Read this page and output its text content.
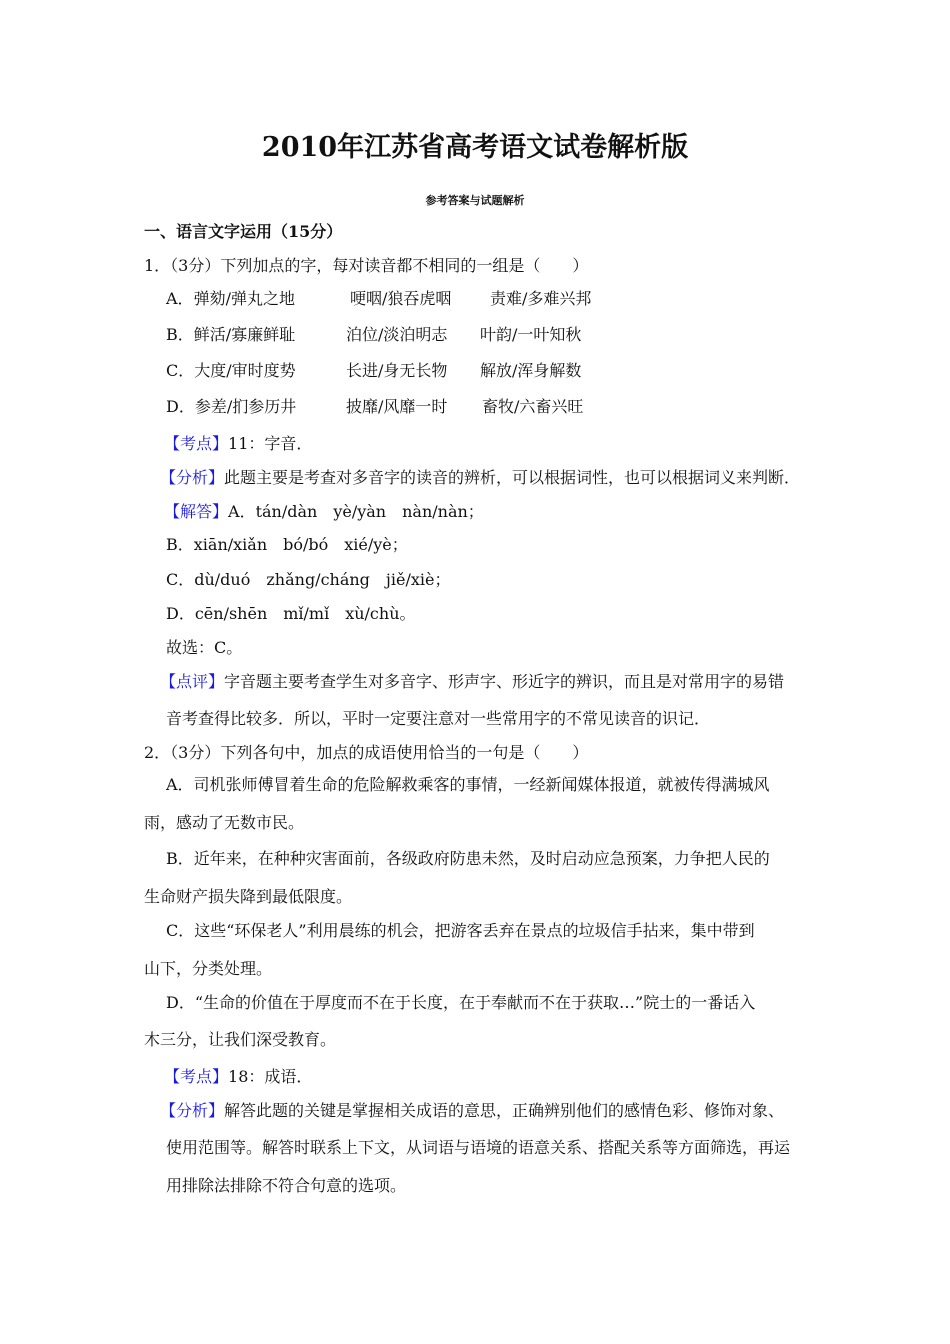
2010年江苏省高考语文试卷解析版
参考答案与试题解析
一、语言文字运用（15分）
1．（3分）下列加点的字，每对读音都不相同的一组是（　　）
A．弹劾/弹丸之地	哽咽/狼吞虎咽 责难/多难兴邦
B．鲜活/寡廉鲜耻	泊位/淡泊明志 叶韵/一叶知秋
C．大度/审时度势	长进/身无长物 解放/浑身解数
D．参差/扪参历井	披靡/风靡一时 畜牧/六畜兴旺
【考点】11：字音．
【分析】此题主要是考查对多音字的读音的辨析，可以根据词性，也可以根据词义来判断．
【解答】A．tán/dàn　yè/yàn　nàn/nàn；
B．xiān/xiǎn　bó/bó　xié/yè；
C．dù/duó　zhǎng/cháng　jiě/xiè；
D．cēn/shēn　mǐ/mǐ　xù/chù。
故选：C。
【点评】字音题主要考查学生对多音字、形声字、形近字的辨识，而且是对常用字的易错
音考查得比较多．所以，平时一定要注意对一些常用字的不常见读音的识记．
2．（3分）下列各句中，加点的成语使用恰当的一句是（　　）
A．司机张师傅冒着生命的危险解救乘客的事情，一经新闻媒体报道，就被传得满城风
雨，感动了无数市民。
B．近年来，在种种灾害面前，各级政府防患未然，及时启动应急预案，力争把人民的
生命财产损失降到最低限度。
C．这些“环保老人”利用晨练的机会，把游客丢弃在景点的垃圾信手拈来，集中带到
山下，分类处理。
D．“生命的价值在于厚度而不在于长度，在于奉献而不在于获取…”院士的一番话入
木三分，让我们深受教育。
【考点】18：成语．
【分析】解答此题的关键是掌握相关成语的意思，正确辨别他们的感情色彩、修饰对象、
使用范围等。解答时联系上下文，从词语与语境的语意关系、搭配关系等方面筛选，再运
用排除法排除不符合句意的选项。
